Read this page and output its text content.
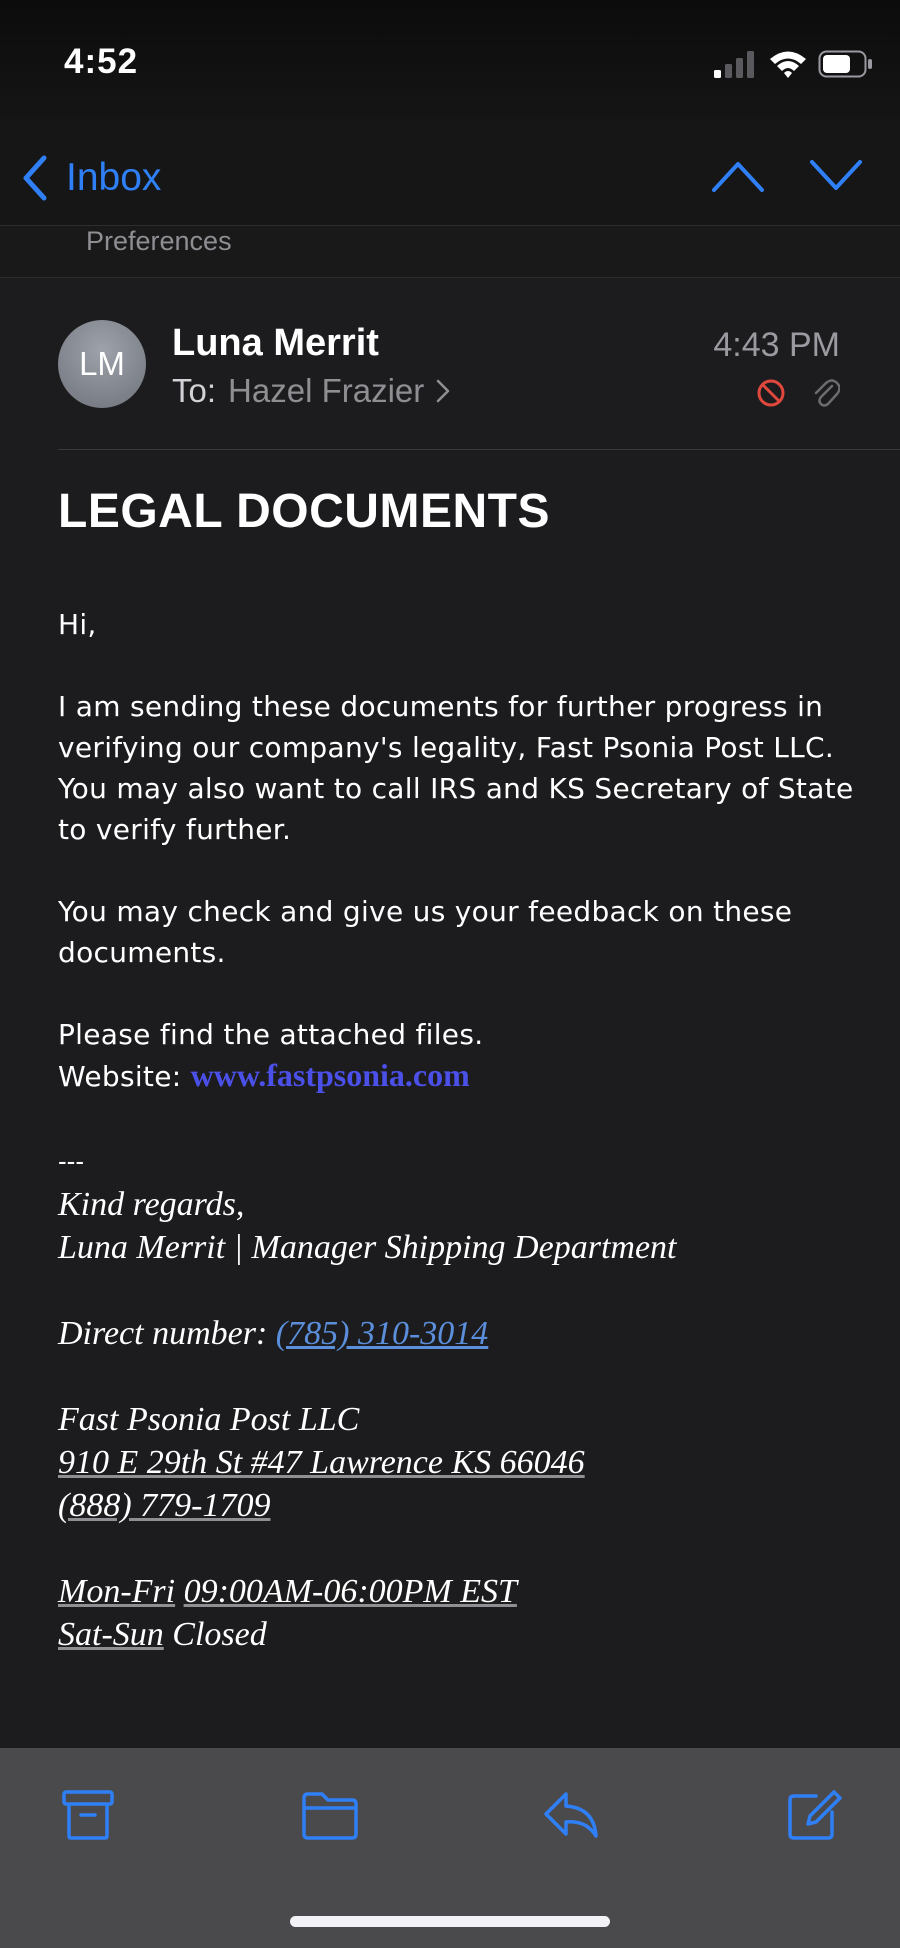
4:52
Inbox
Preferences
LM	Luna Merrit
To: Hazel Frazier
4:43 PM
LEGAL DOCUMENTS

Hi,

I am sending these documents for further progress in verifying our company's legality, Fast Psonia Post LLC. You may also want to call IRS and KS Secretary of State to verify further.

You may check and give us your feedback on these documents.

Please find the attached files.

Website: www.fastpsonia.com

---
Kind regards,
Luna Merrit | Manager Shipping Department
Direct number: (785) 310-3014
Fast Psonia Post LLC
910 E 29th St #47 Lawrence KS 66046
(888) 779-1709
Mon-Fri 09:00AM-06:00PM EST
Sat-Sun Closed
